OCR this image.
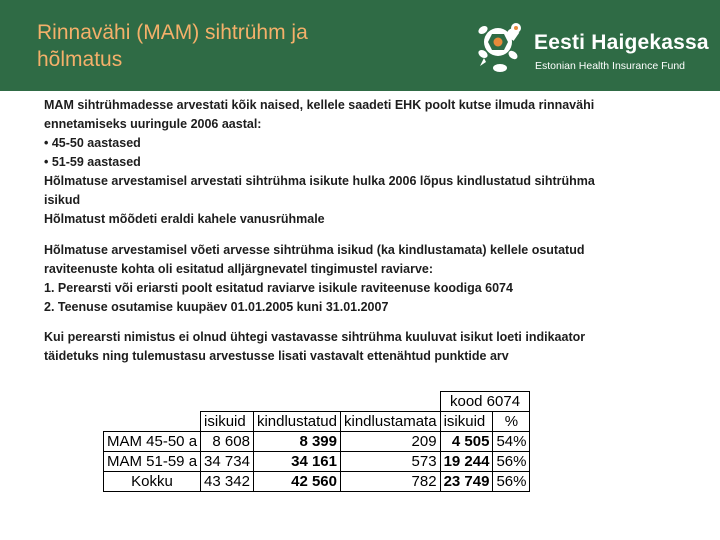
Rinnavähi (MAM) sihtrühm ja
hõlmatus
Eesti Haigekassa
Estonian Health Insurance Fund
MAM sihtrühmadesse arvestati kõik naised, kellele saadeti EHK poolt kutse ilmuda rinnavähi
ennetamiseks uuringule 2006 aastal:
• 45-50 aastased
• 51-59 aastased
Hõlmatuse arvestamisel arvestati sihtrühma isikute hulka 2006 lõpus kindlustatud sihtrühma
isikud
Hõlmatust mõõdeti eraldi kahele vanusrühmale
Hõlmatuse arvestamisel võeti arvesse sihtrühma isikud (ka kindlustamata) kellele osutatud
raviteenuste kohta oli esitatud alljärgnevatel tingimustel raviarve:
1. Perearsti või eriarsti poolt esitatud raviarve isikule raviteenuse koodiga 6074
2. Teenuse osutamise kuupäev 01.01.2005 kuni 31.01.2007
Kui perearsti nimistus ei olnud ühtegi vastavasse sihtrühma kuuluvat isikut loeti indikaator
täidetuks ning tulemustasu arvestusse lisati vastavalt ettenähtud punktide arv
				kood 6074	
	isikuid	kindlustatud	kindlustamata	isikuid	%
MAM 45-50 a	8 608	8 399	209	4 505	54%
MAM 51-59 a	34 734	34 161	573	19 244	56%
Kokku	43 342	42 560	782	23 749	56%
